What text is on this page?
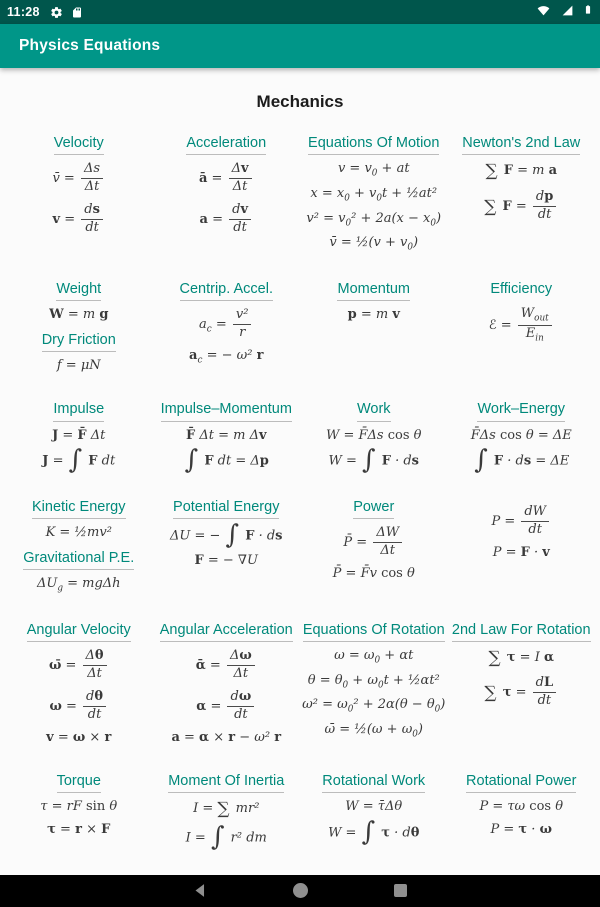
11:28

Physics Equations
Mechanics
Velocity
v̄ = $\frac{\Delta s}{\Delta t}$
$v = \frac{ds}{dt}$
Acceleration
ā = $\frac{\Delta v}{\Delta t}$
$a = \frac{dv}{dt}$
Equations Of Motion
$v = v_0$ + at
$x = x_0 + v_0t$ + ½at²
$v^2 = v_0^2 + 2a(x - x_0)$
v̄ = ½(v + $v_0$)
Newton's 2nd Law
∑ F = m a
∑ $F = \frac{dp}{dt}$
Weight
W = m g
Dry Friction
f = μN
Centrip. Accel.
$a_c = \frac{\text{v²}}{r}$
$a_c$ = − ω² r
Momentum
p = m v
Efficiency
ℰ = $\frac{W_{out}}{E_{in}}$
Impulse
J = F̄ Δt
J = ∫ F dt
Impulse–Momentum
F̄ Δt = m Δv
∫ F dt = Δp
Work
W = F̄Δs cos θ
W = ∫ F · ds
Work–Energy
F̄Δs cos θ = ΔE
∫ F · ds = ΔE
Kinetic Energy
K = ½mv²
Gravitational P.E.
$\Delta U_g = mg\Delta h$
Potential Energy
ΔU = − ∫ F · ds
F = − ∇U
Power
P̄ = $\frac{\Delta W}{\Delta t}$
P̄ = F̄v cos θ
$P = \frac{dW}{dt}$
P = F · v
Angular Velocity
ω̄ = $\frac{\Delta\theta}{\Delta t}$
$\omega = \frac{d\theta}{dt}$
v = ω × r
Angular Acceleration
ᾱ = $\frac{\Delta\omega}{\Delta t}$
$\alpha = \frac{d\omega}{dt}$
a = α × r − ω² r
Equations Of Rotation
$\omega = \omega_0 + \alpha t$
$\theta = \theta_0 + \omega_0t$ + ½αt²
$\omega^2 = \omega_0^2 + 2\alpha(\theta - \theta_0)$
ω̄ = ½(ω + $\omega_0$)
2nd Law For Rotation
∑ τ = I α
∑ $\tau = \frac{dL}{dt}$
Torque
τ = rF sin θ
τ = r × F
Moment Of Inertia
I = ∑ mr²
I = ∫ r² dm
Rotational Work
W = τ̄Δθ
W = ∫ τ · dθ
Rotational Power
P = τω cos θ
P = τ · ω
